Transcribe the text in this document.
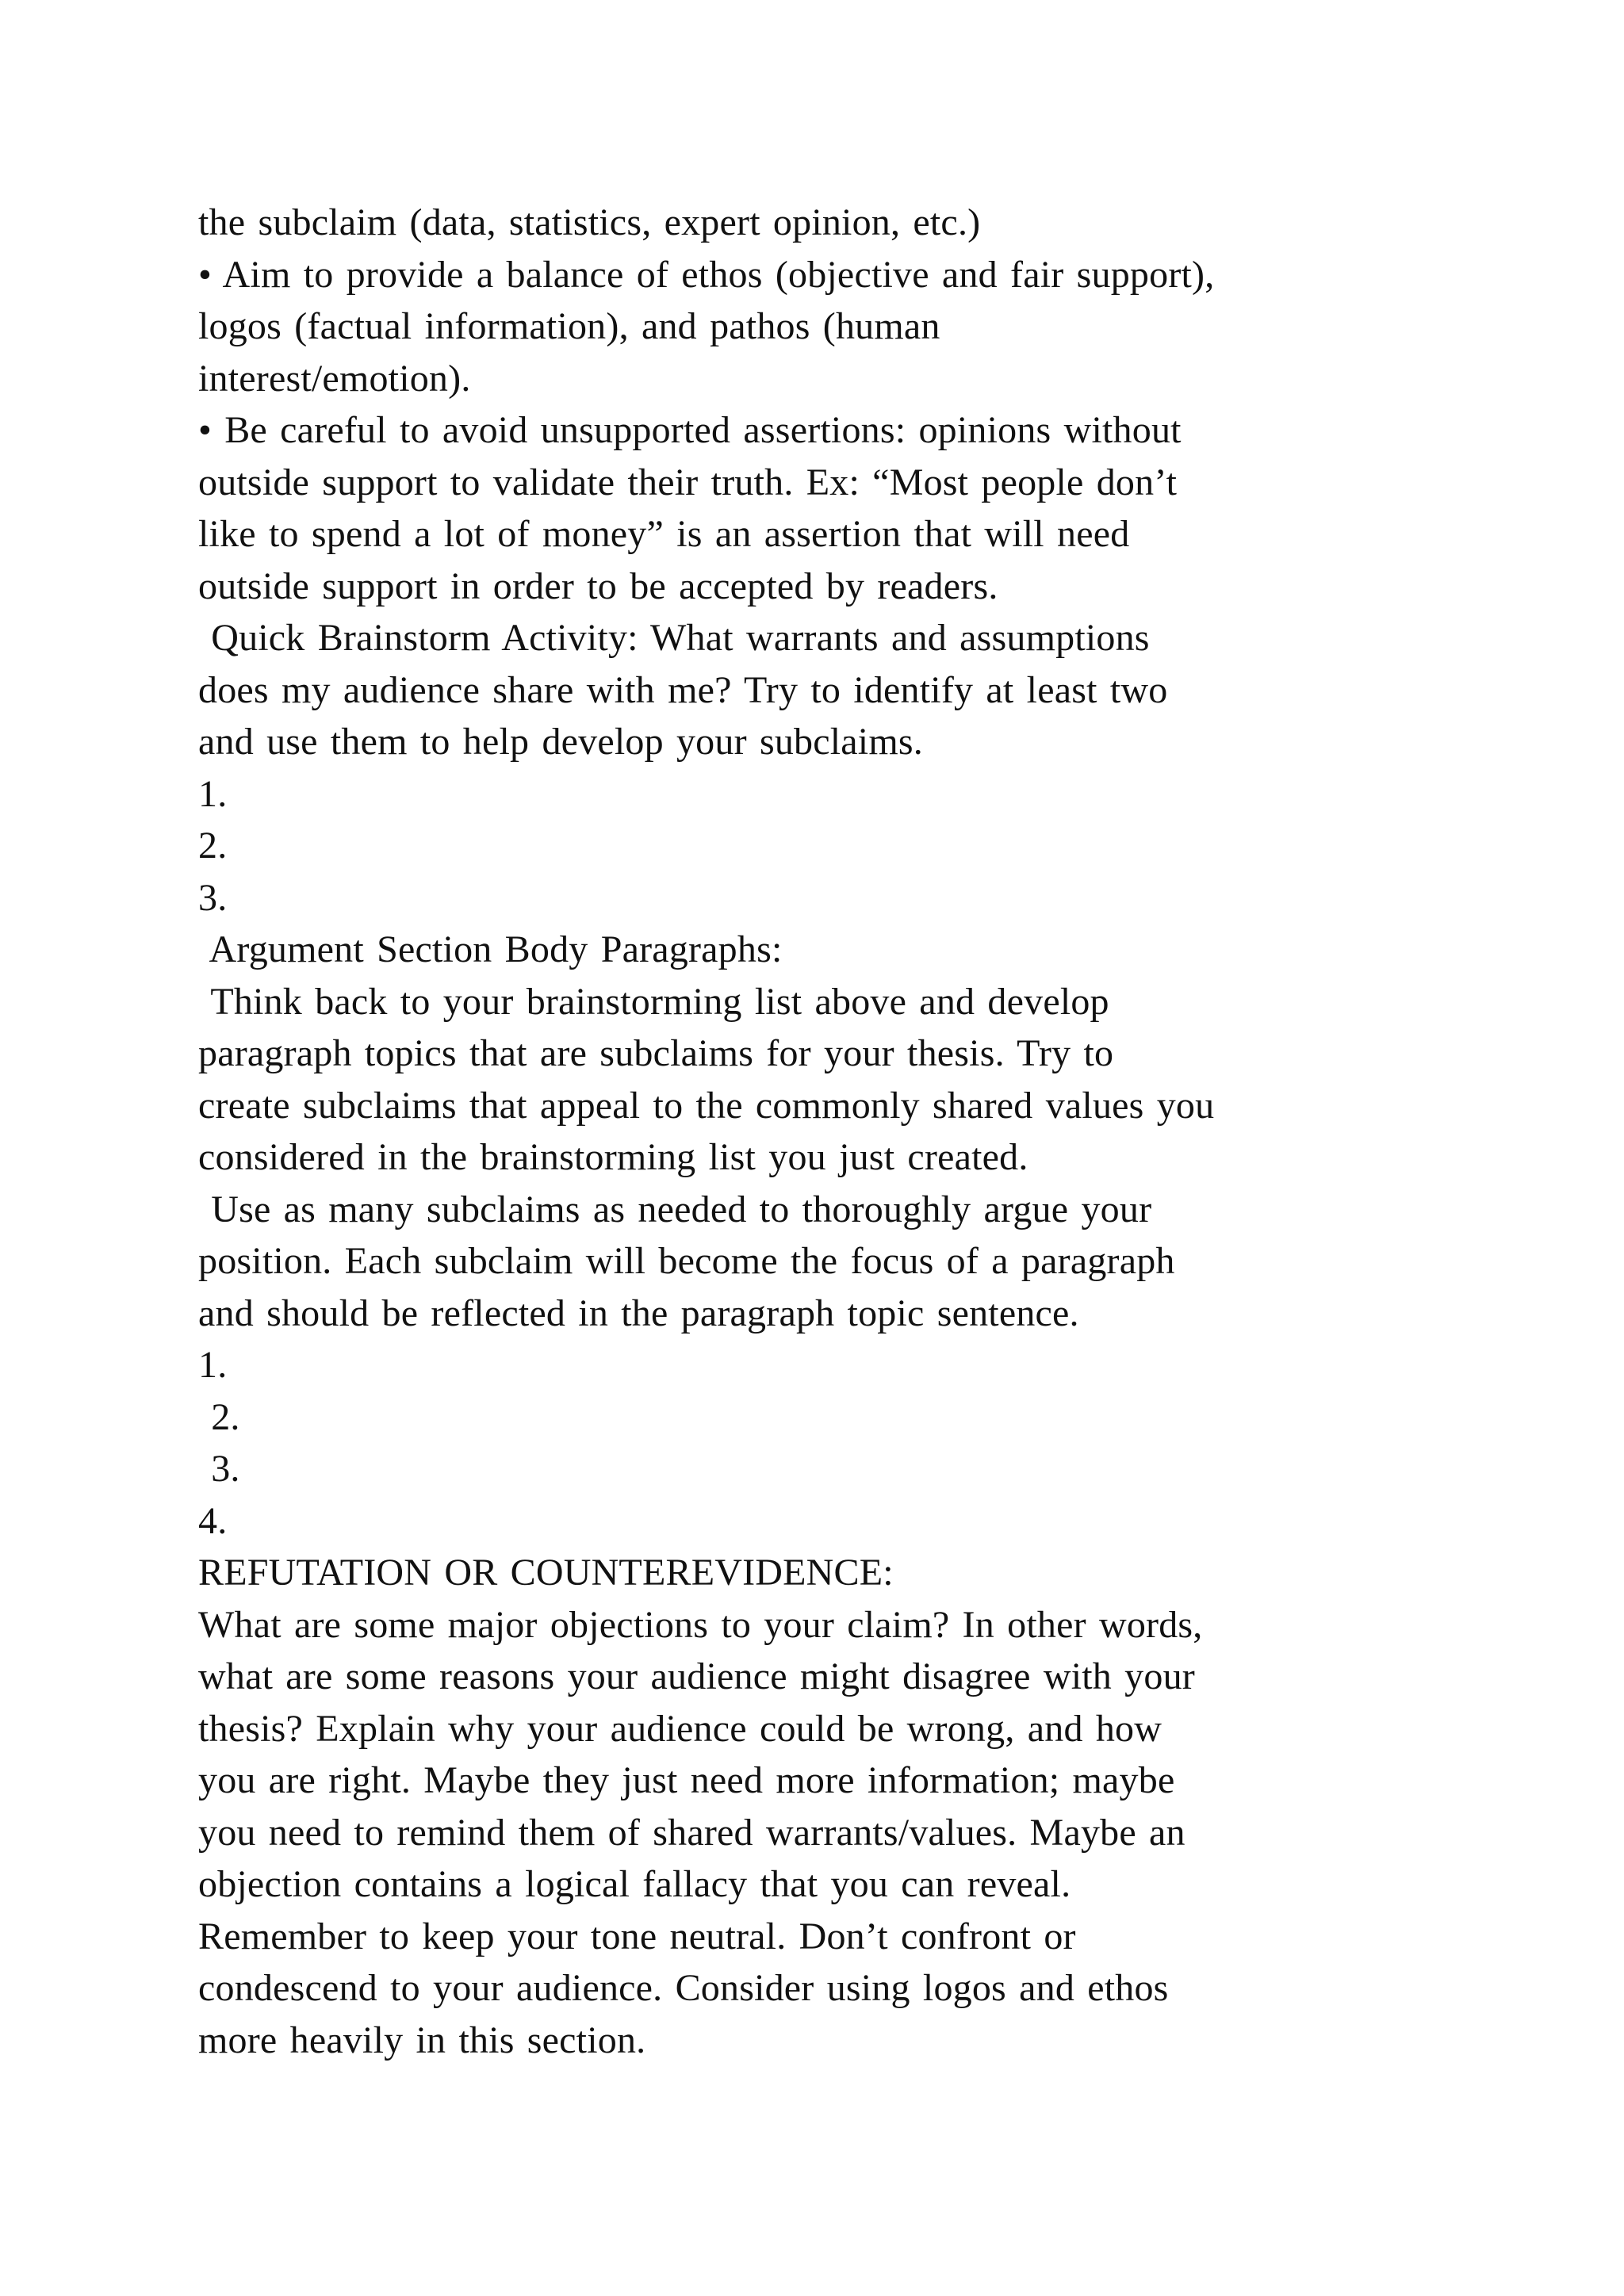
the subclaim (data, statistics, expert opinion, etc.)
• Aim to provide a balance of ethos (objective and fair support),
logos (factual information), and pathos (human
interest/emotion).
• Be careful to avoid unsupported assertions: opinions without
outside support to validate their truth. Ex: “Most people don’t
like to spend a lot of money” is an assertion that will need
outside support in order to be accepted by readers.
Quick Brainstorm Activity: What warrants and assumptions
does my audience share with me? Try to identify at least two
and use them to help develop your subclaims.
1.
2.
3.
Argument Section Body Paragraphs:
Think back to your brainstorming list above and develop
paragraph topics that are subclaims for your thesis. Try to
create subclaims that appeal to the commonly shared values you
considered in the brainstorming list you just created.
Use as many subclaims as needed to thoroughly argue your
position. Each subclaim will become the focus of a paragraph
and should be reflected in the paragraph topic sentence.
1.
2.
3.
4.
REFUTATION OR COUNTEREVIDENCE:
What are some major objections to your claim? In other words,
what are some reasons your audience might disagree with your
thesis? Explain why your audience could be wrong, and how
you are right. Maybe they just need more information; maybe
you need to remind them of shared warrants/values. Maybe an
objection contains a logical fallacy that you can reveal.
Remember to keep your tone neutral. Don’t confront or
condescend to your audience. Consider using logos and ethos
more heavily in this section.
